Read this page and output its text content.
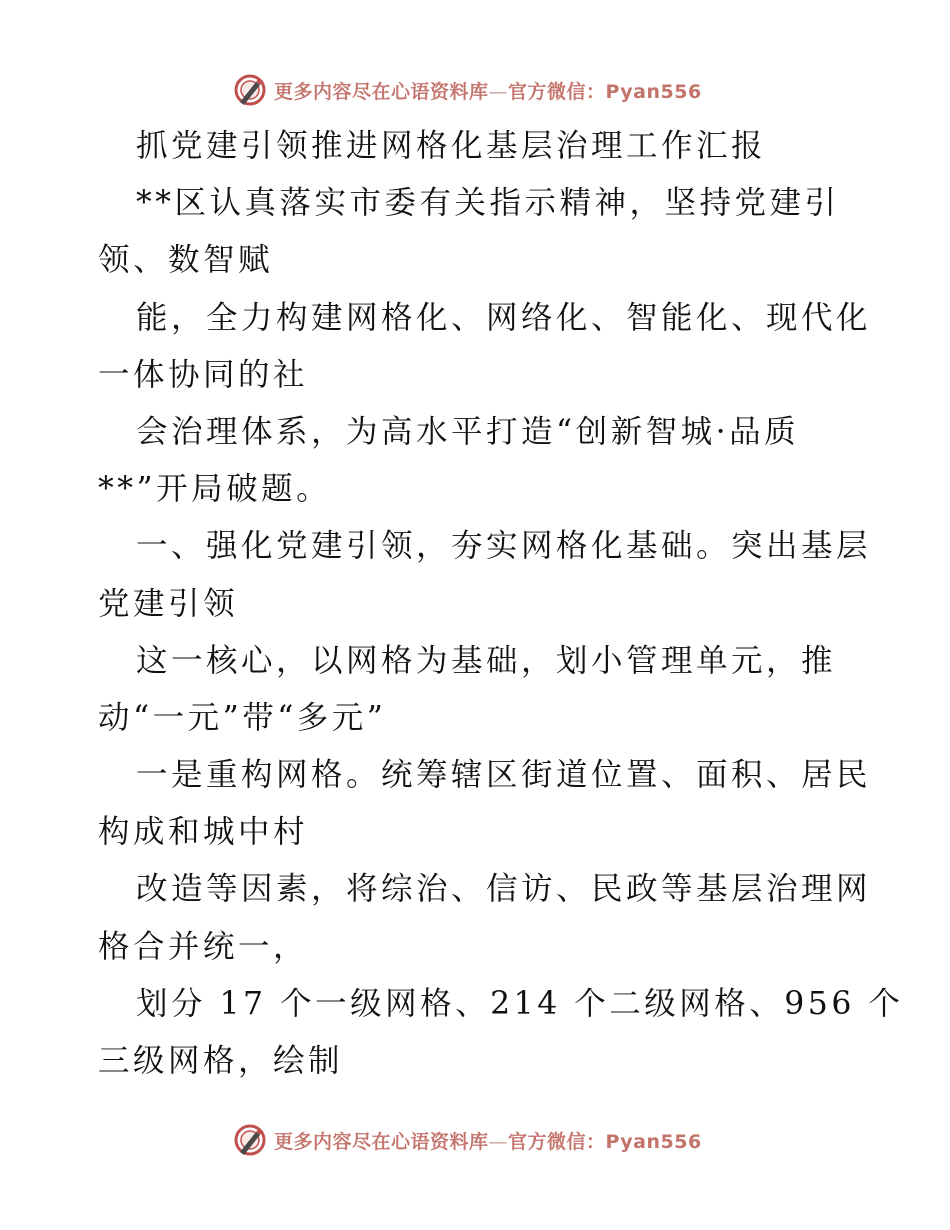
更多内容尽在心语资料库—官方微信：Pyan556
抓党建引领推进网格化基层治理工作汇报
**区认真落实市委有关指示精神，坚持党建引
领、数智赋
能，全力构建网格化、网络化、智能化、现代化
一体协同的社
会治理体系，为高水平打造“创新智城·品质
**”开局破题。
一、强化党建引领，夯实网格化基础。突出基层
党建引领
这一核心，以网格为基础，划小管理单元，推
动“一元”带“多元”
一是重构网格。统筹辖区街道位置、面积、居民
构成和城中村
改造等因素，将综治、信访、民政等基层治理网
格合并统一，
划分 17 个一级网格、214 个二级网格、956 个
三级网格，绘制
更多内容尽在心语资料库—官方微信：Pyan556
